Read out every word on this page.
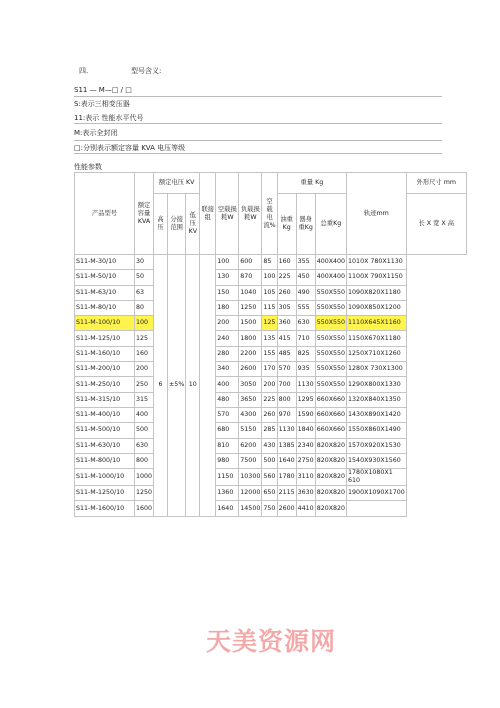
四.	型号含义:
S11 — M—□ / □
S:表示三相变压器
11:表示 性能水平代号
M:表示全封闭
□:分别表示额定容量 KVA 电压等级
性能参数
产品型号	额定容量KVA	额定电压 KV			联接组	空载损耗W	负载损耗W	空载电流%	重量 Kg			轨迹mm	外形尺寸 mm
		高压	分接范围	低压KV					油重Kg	器身重Kg	总重Kg		长 X 宽 X 高
S11-M-30/10	30	6	±5%	10		100	600	85	160	355	400X400	1010X 780X1130	
S11-M-50/10	50					130	870	100	225	450	400X400	1100X 790X1150	
S11-M-63/10	63					150	1040	105	260	490	550X550	1090X820X1180	
S11-M-80/10	80					180	1250	115	305	555	550X550	1090X850X1200	
S11-M-100/10	100					200	1500	125	360	630	550X550	1110X645X1160	
S11-M-125/10	125					240	1800	135	415	710	550X550	1150X670X1180	
S11-M-160/10	160					280	2200	155	485	825	550X550	1250X710X1260	
S11-M-200/10	200					340	2600	170	570	935	550X550	1280X 730X1300	
S11-M-250/10	250					400	3050	200	700	1130	550X550	1290X800X1330	
S11-M-315/10	315					480	3650	225	800	1295	660X660	1320X840X1350	
S11-M-400/10	400					570	4300	260	970	1590	660X660	1430X890X1420	
S11-M-500/10	500					680	5150	285	1130	1840	660X660	1550X860X1490	
S11-M-630/10	630					810	6200	430	1385	2340	820X820	1570X920X1530	
S11-M-800/10	800					980	7500	500	1640	2750	820X820	1540X930X1560	
S11-M-1000/10	1000					1150	10300	560	1780	3110	820X820	1780X1080X1 610	
S11-M-1250/10	1250					1360	12000	650	2115	3630	820X820	1900X1090X1700	
S11-M-1600/10	1600					1640	14500	750	2600	4410	820X820		
天美资源网
